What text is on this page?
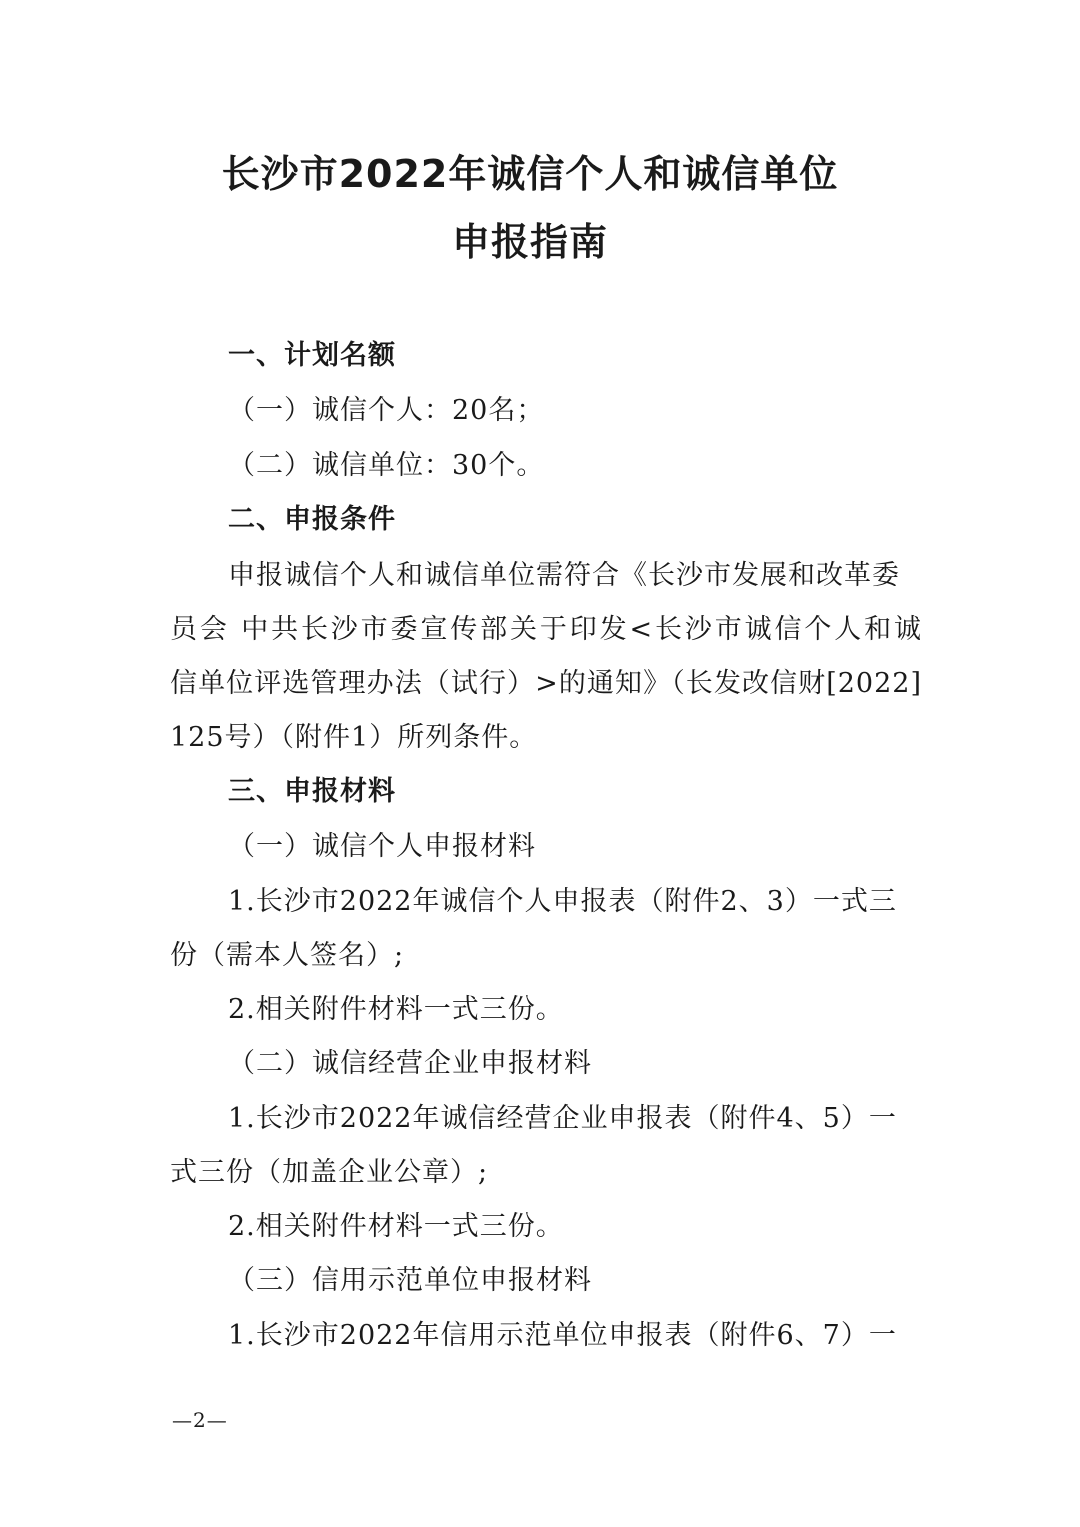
长沙市2022年诚信个人和诚信单位
申报指南
一、计划名额
（一）诚信个人：20名；
（二）诚信单位：30个。
二、申报条件
申报诚信个人和诚信单位需符合《长沙市发展和改革委
员会 中共长沙市委宣传部关于印发<长沙市诚信个人和诚
信单位评选管理办法（试行）>的通知》（长发改信财[2022]
125号）（附件1）所列条件。
三、申报材料
（一）诚信个人申报材料
1.长沙市2022年诚信个人申报表（附件2、3）一式三
份（需本人签名）;
2.相关附件材料一式三份。
（二）诚信经营企业申报材料
1.长沙市2022年诚信经营企业申报表（附件4、5）一
式三份（加盖企业公章）;
2.相关附件材料一式三份。
（三）信用示范单位申报材料
1.长沙市2022年信用示范单位申报表（附件6、7）一
—2—
